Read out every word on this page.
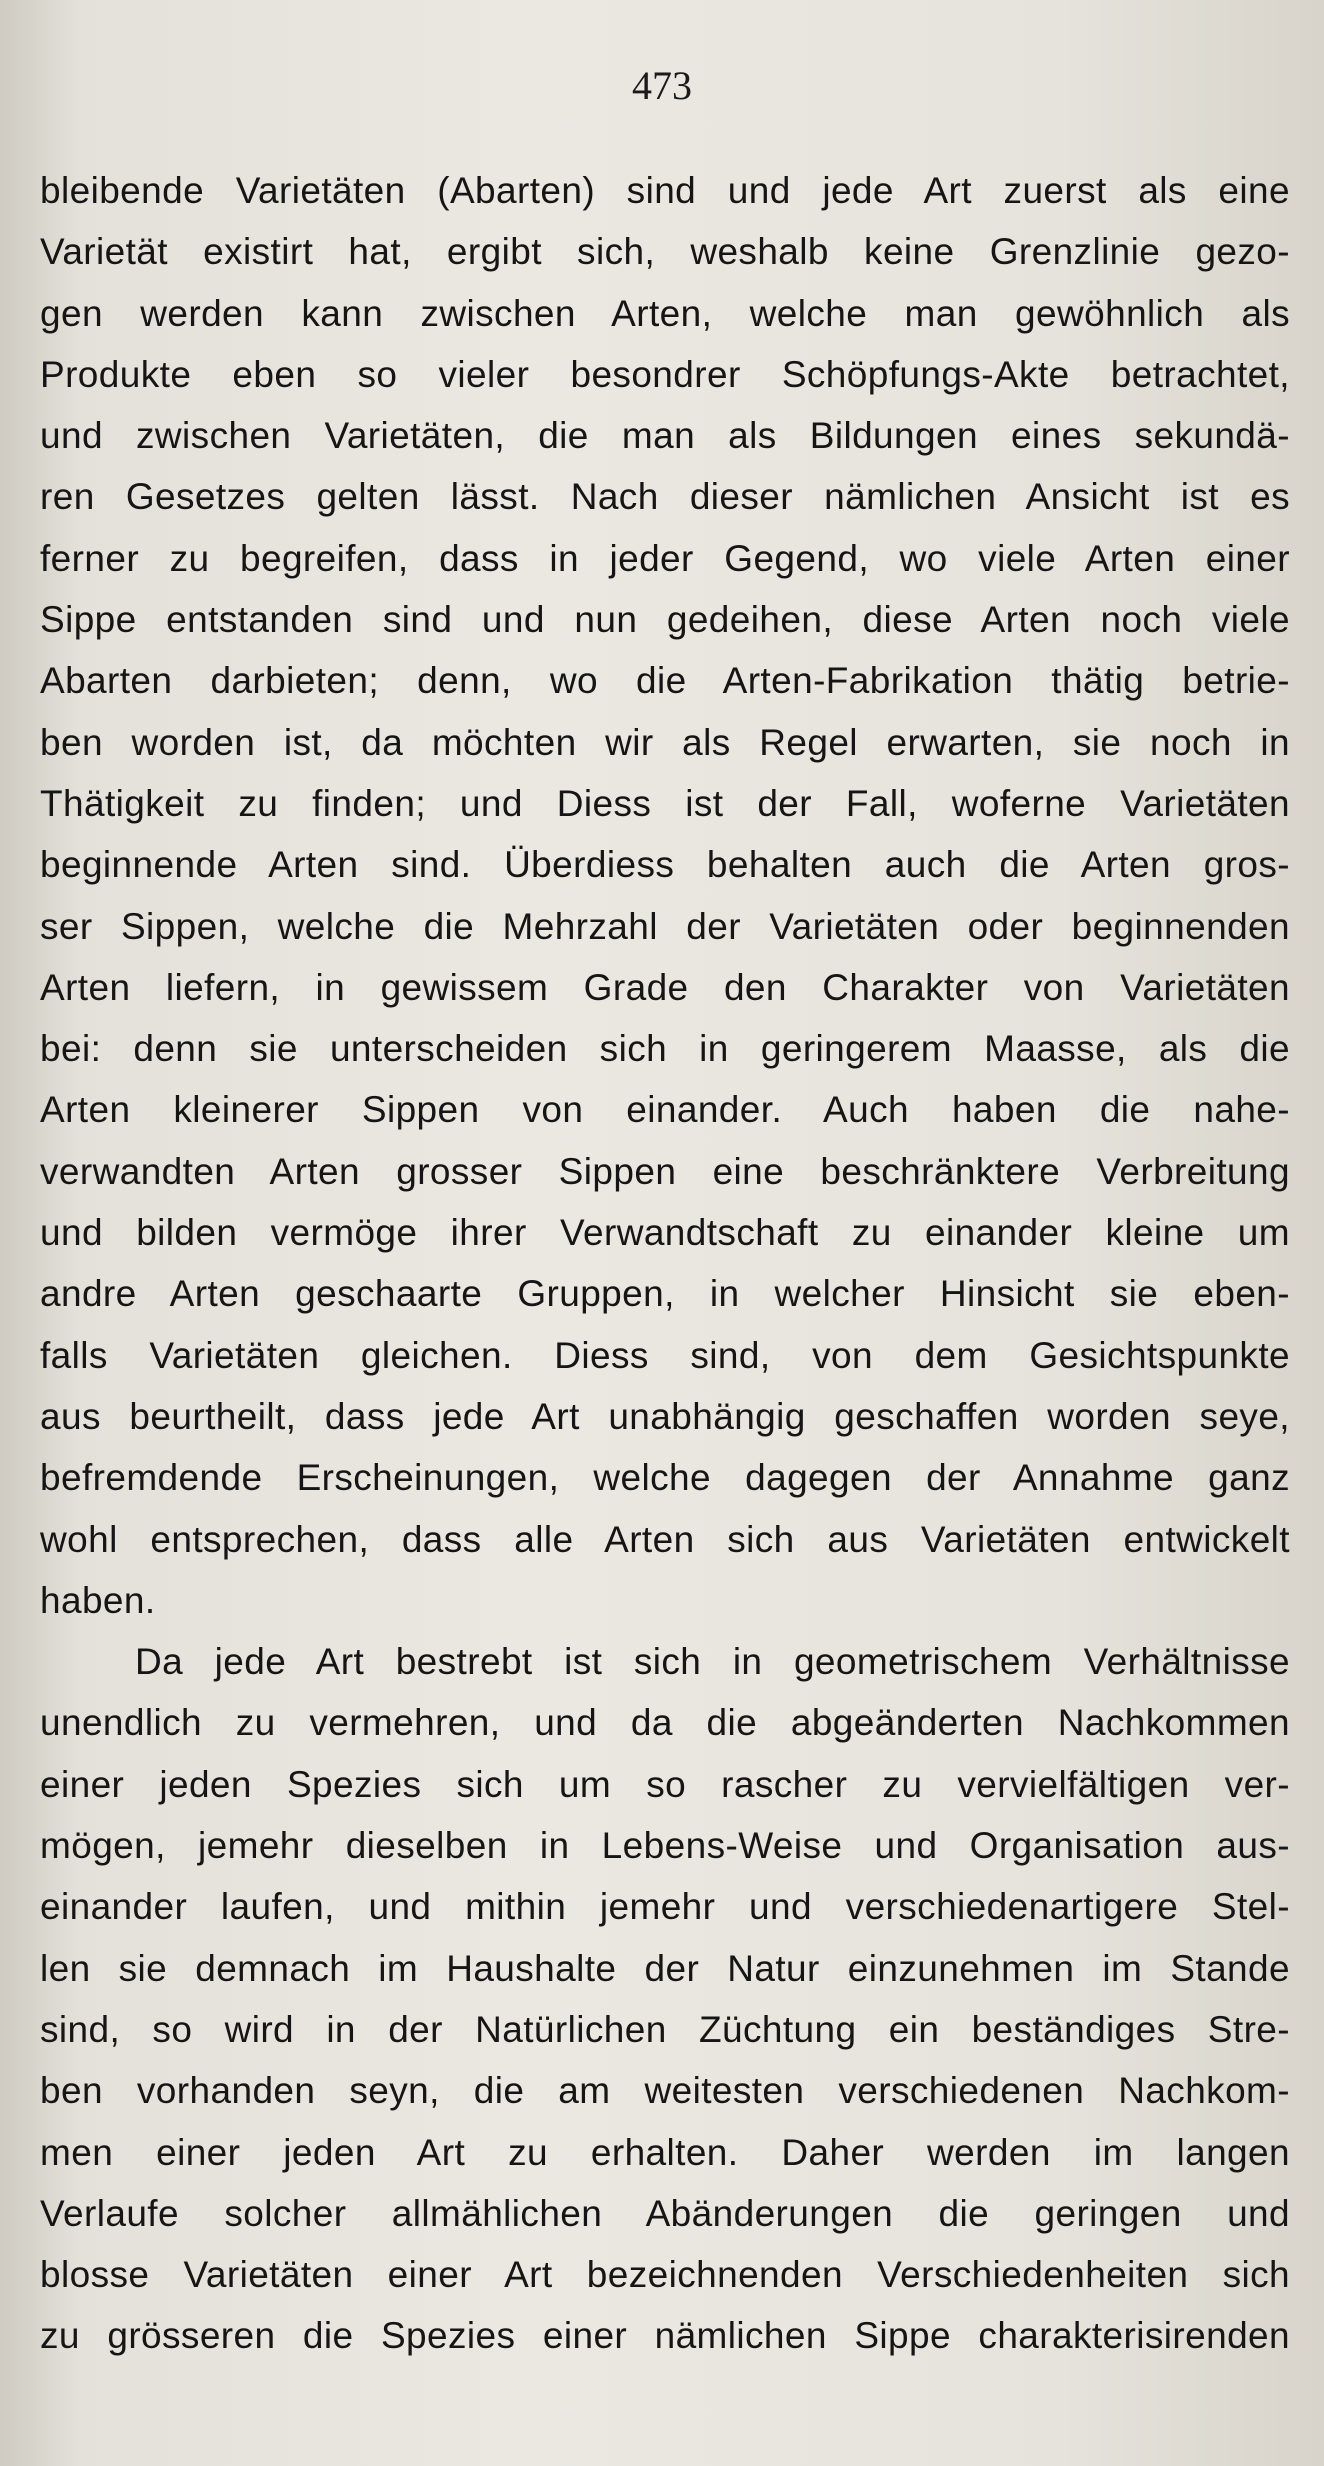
473
bleibende Varietäten (Abarten) sind und jede Art zuerst als eine
Varietät existirt hat, ergibt sich, weshalb keine Grenzlinie gezo-
gen werden kann zwischen Arten, welche man gewöhnlich als
Produkte eben so vieler besondrer Schöpfungs-Akte betrachtet,
und zwischen Varietäten, die man als Bildungen eines sekundä-
ren Gesetzes gelten lässt. Nach dieser nämlichen Ansicht ist es
ferner zu begreifen, dass in jeder Gegend, wo viele Arten einer
Sippe entstanden sind und nun gedeihen, diese Arten noch viele
Abarten darbieten; denn, wo die Arten-Fabrikation thätig betrie-
ben worden ist, da möchten wir als Regel erwarten, sie noch in
Thätigkeit zu finden; und Diess ist der Fall, woferne Varietäten
beginnende Arten sind. Überdiess behalten auch die Arten gros-
ser Sippen, welche die Mehrzahl der Varietäten oder beginnenden
Arten liefern, in gewissem Grade den Charakter von Varietäten
bei: denn sie unterscheiden sich in geringerem Maasse, als die
Arten kleinerer Sippen von einander. Auch haben die nahe-
verwandten Arten grosser Sippen eine beschränktere Verbreitung
und bilden vermöge ihrer Verwandtschaft zu einander kleine um
andre Arten geschaarte Gruppen, in welcher Hinsicht sie eben-
falls Varietäten gleichen. Diess sind, von dem Gesichtspunkte
aus beurtheilt, dass jede Art unabhängig geschaffen worden seye,
befremdende Erscheinungen, welche dagegen der Annahme ganz
wohl entsprechen, dass alle Arten sich aus Varietäten entwickelt
haben.
Da jede Art bestrebt ist sich in geometrischem Verhältnisse
unendlich zu vermehren, und da die abgeänderten Nachkommen
einer jeden Spezies sich um so rascher zu vervielfältigen ver-
mögen, jemehr dieselben in Lebens-Weise und Organisation aus-
einander laufen, und mithin jemehr und verschiedenartigere Stel-
len sie demnach im Haushalte der Natur einzunehmen im Stande
sind, so wird in der Natürlichen Züchtung ein beständiges Stre-
ben vorhanden seyn, die am weitesten verschiedenen Nachkom-
men einer jeden Art zu erhalten. Daher werden im langen
Verlaufe solcher allmählichen Abänderungen die geringen und
blosse Varietäten einer Art bezeichnenden Verschiedenheiten sich
zu grösseren die Spezies einer nämlichen Sippe charakterisirenden
